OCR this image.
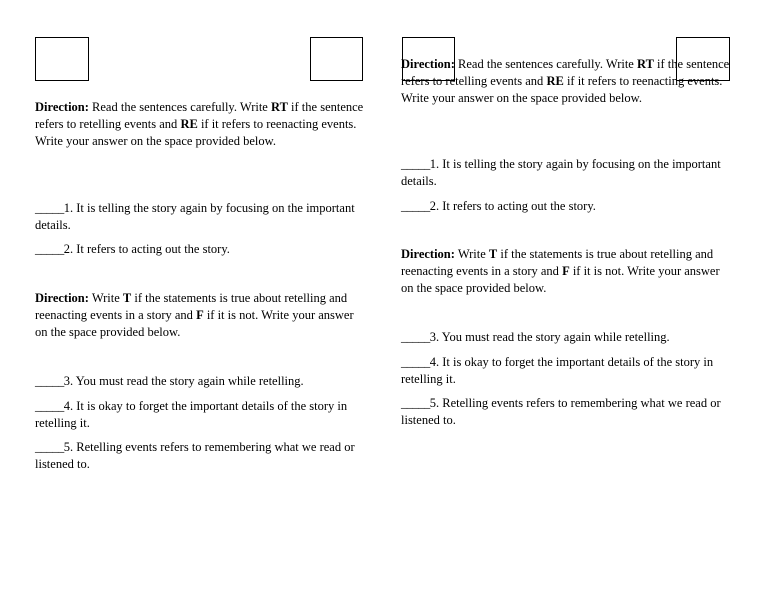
Direction: Read the sentences carefully. Write RT if the sentence refers to retelling events and RE if it refers to reenacting events. Write your answer on the space provided below.

_____1. It is telling the story again by focusing on the important details.

_____2. It refers to acting out the story.

Direction: Write T if the statements is true about retelling and reenacting events in a story and F if it is not. Write your answer on the space provided below.

_____3. You must read the story again while retelling.

_____4. It is okay to forget the important details of the story in retelling it.

_____5. Retelling events refers to remembering what we read or listened to.

Direction: Read the sentences carefully. Write RT if the sentence refers to retelling events and RE if it refers to reenacting events. Write your answer on the space provided below.

_____1. It is telling the story again by focusing on the important details.

_____2. It refers to acting out the story.

Direction: Write T if the statements is true about retelling and reenacting events in a story and F if it is not. Write your answer on the space provided below.

_____3. You must read the story again while retelling.

_____4. It is okay to forget the important details of the story in retelling it.

_____5. Retelling events refers to remembering what we read or listened to.
